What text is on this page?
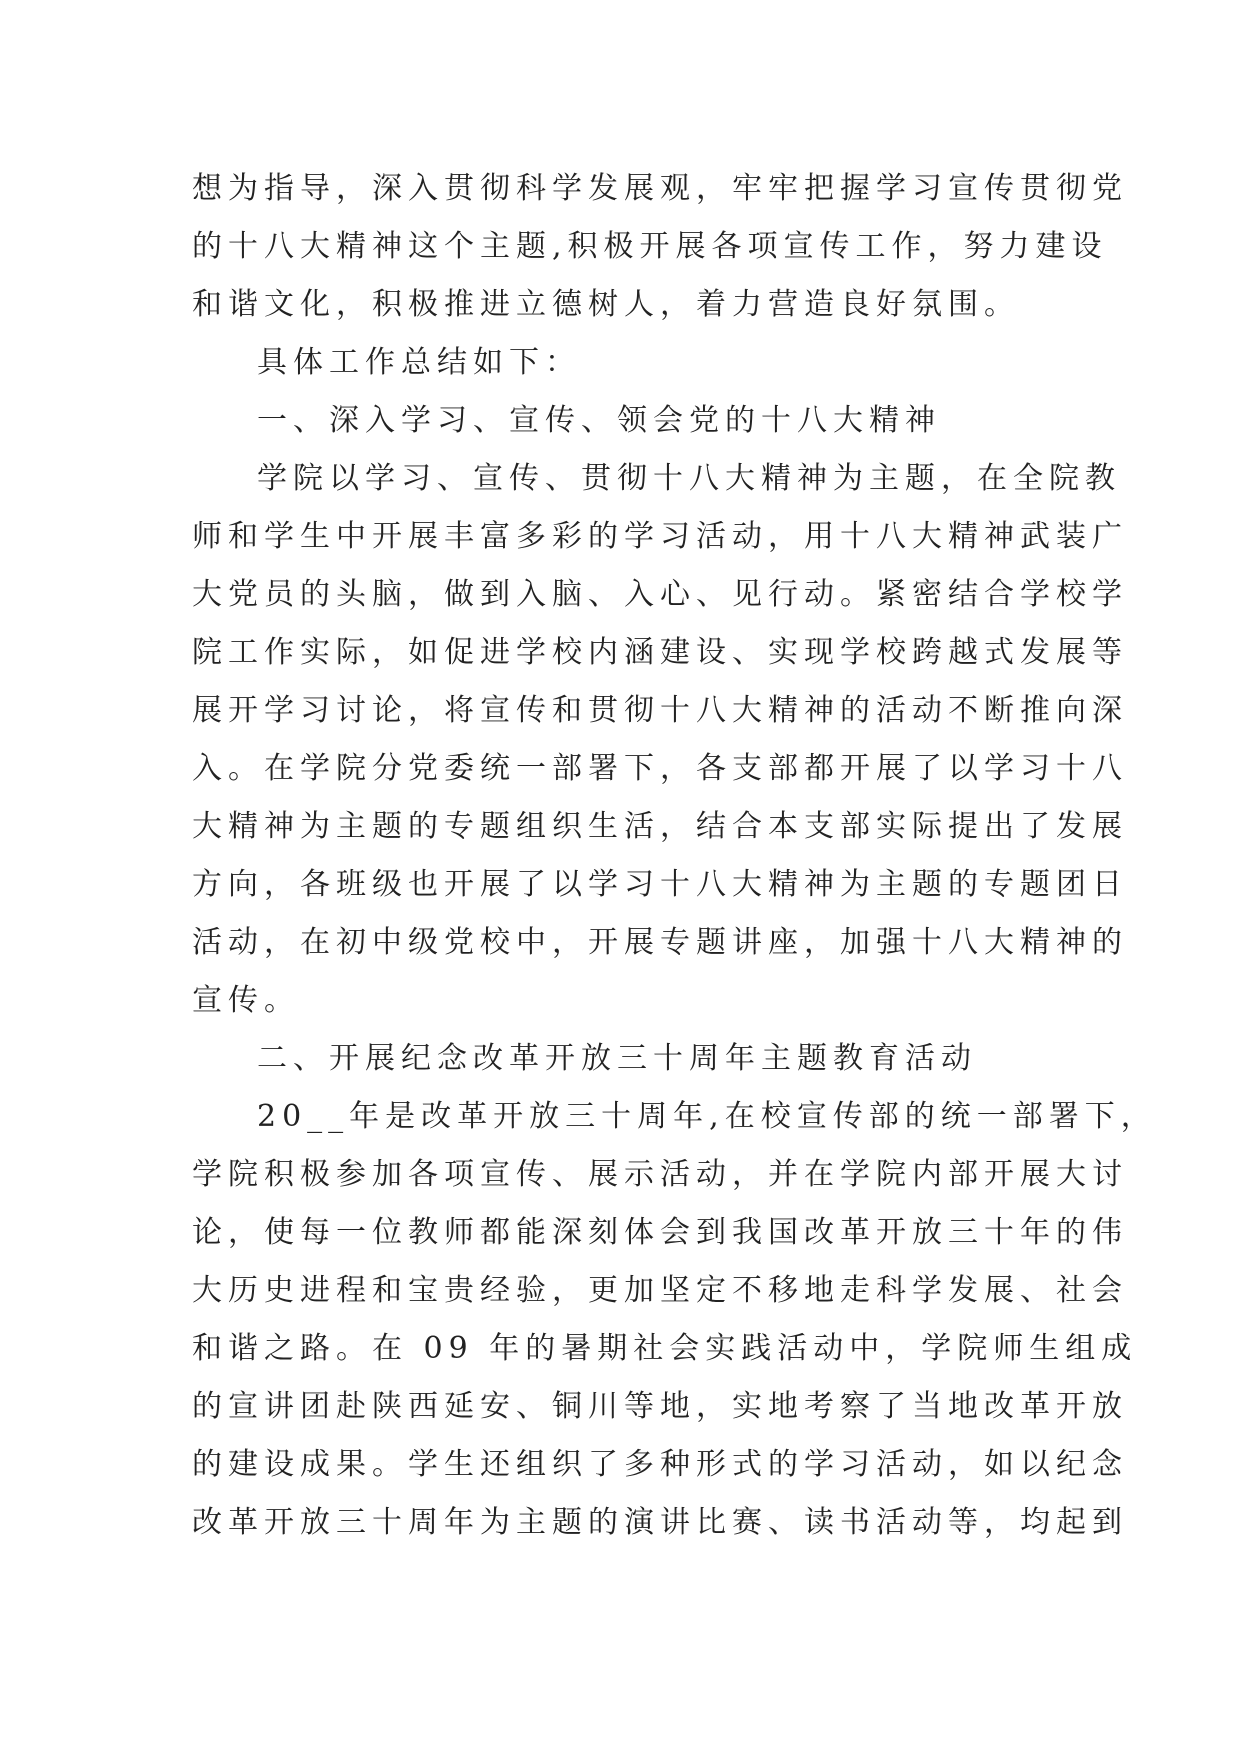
想为指导，深入贯彻科学发展观，牢牢把握学习宣传贯彻党
的十八大精神这个主题,积极开展各项宣传工作，努力建设
和谐文化，积极推进立德树人，着力营造良好氛围。
具体工作总结如下：
一、深入学习、宣传、领会党的十八大精神
学院以学习、宣传、贯彻十八大精神为主题，在全院教
师和学生中开展丰富多彩的学习活动，用十八大精神武装广
大党员的头脑，做到入脑、入心、见行动。紧密结合学校学
院工作实际，如促进学校内涵建设、实现学校跨越式发展等
展开学习讨论，将宣传和贯彻十八大精神的活动不断推向深
入。在学院分党委统一部署下，各支部都开展了以学习十八
大精神为主题的专题组织生活，结合本支部实际提出了发展
方向，各班级也开展了以学习十八大精神为主题的专题团日
活动，在初中级党校中，开展专题讲座，加强十八大精神的
宣传。
二、开展纪念改革开放三十周年主题教育活动
20__年是改革开放三十周年,在校宣传部的统一部署下，
学院积极参加各项宣传、展示活动，并在学院内部开展大讨
论，使每一位教师都能深刻体会到我国改革开放三十年的伟
大历史进程和宝贵经验，更加坚定不移地走科学发展、社会
和谐之路。在 09 年的暑期社会实践活动中，学院师生组成
的宣讲团赴陕西延安、铜川等地，实地考察了当地改革开放
的建设成果。学生还组织了多种形式的学习活动，如以纪念
改革开放三十周年为主题的演讲比赛、读书活动等，均起到
